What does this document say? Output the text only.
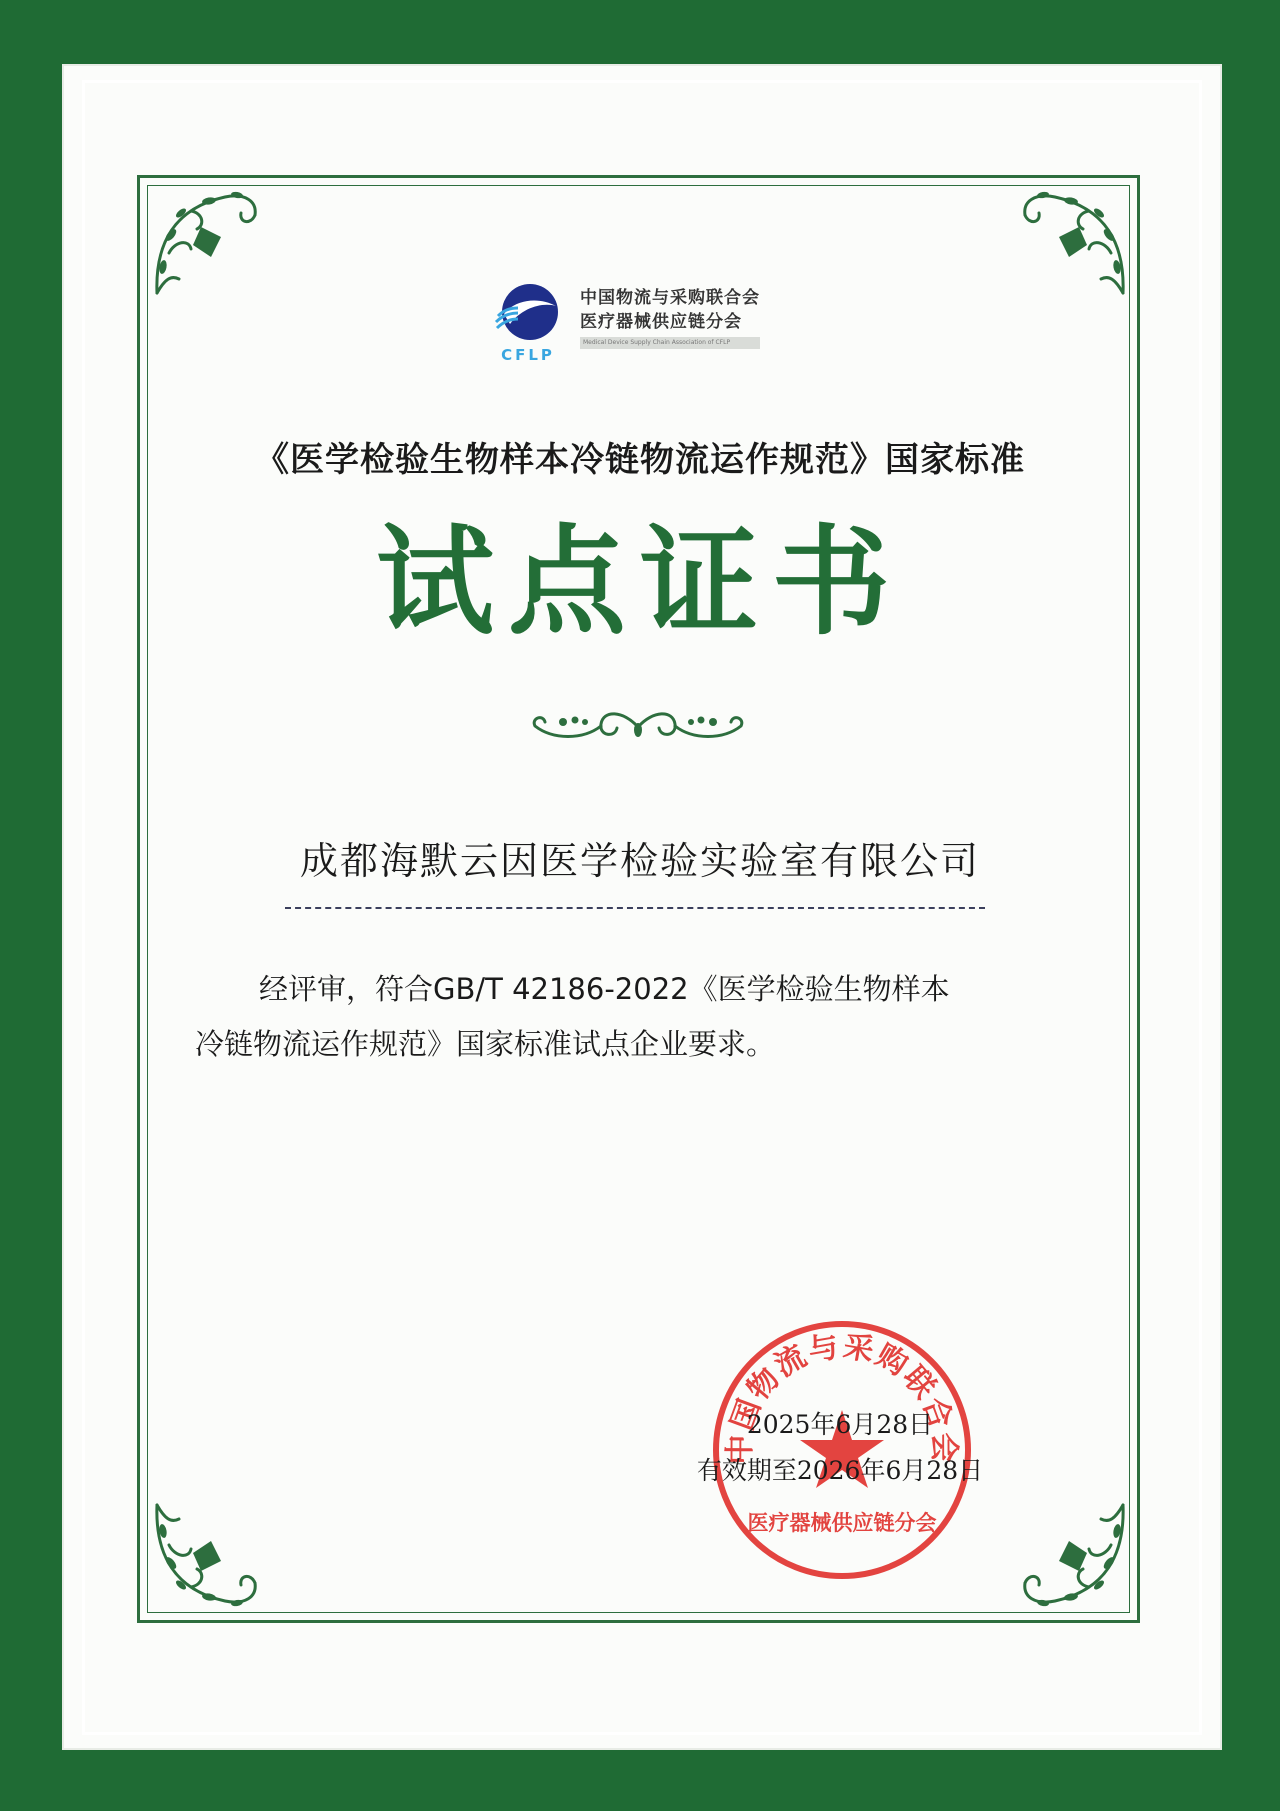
CFLP
中国物流与采购联合会
医疗器械供应链分会
Medical Device Supply Chain Association of CFLP
《医学检验生物样本冷链物流运作规范》国家标准
试点证书
成都海默云因医学检验实验室有限公司
经评审，符合GB/T 42186-2022《医学检验生物样本
冷链物流运作规范》国家标准试点企业要求。
中国物流与采购联合会
医疗器械供应链分会
2025年6月28日
有效期至2026年6月28日
